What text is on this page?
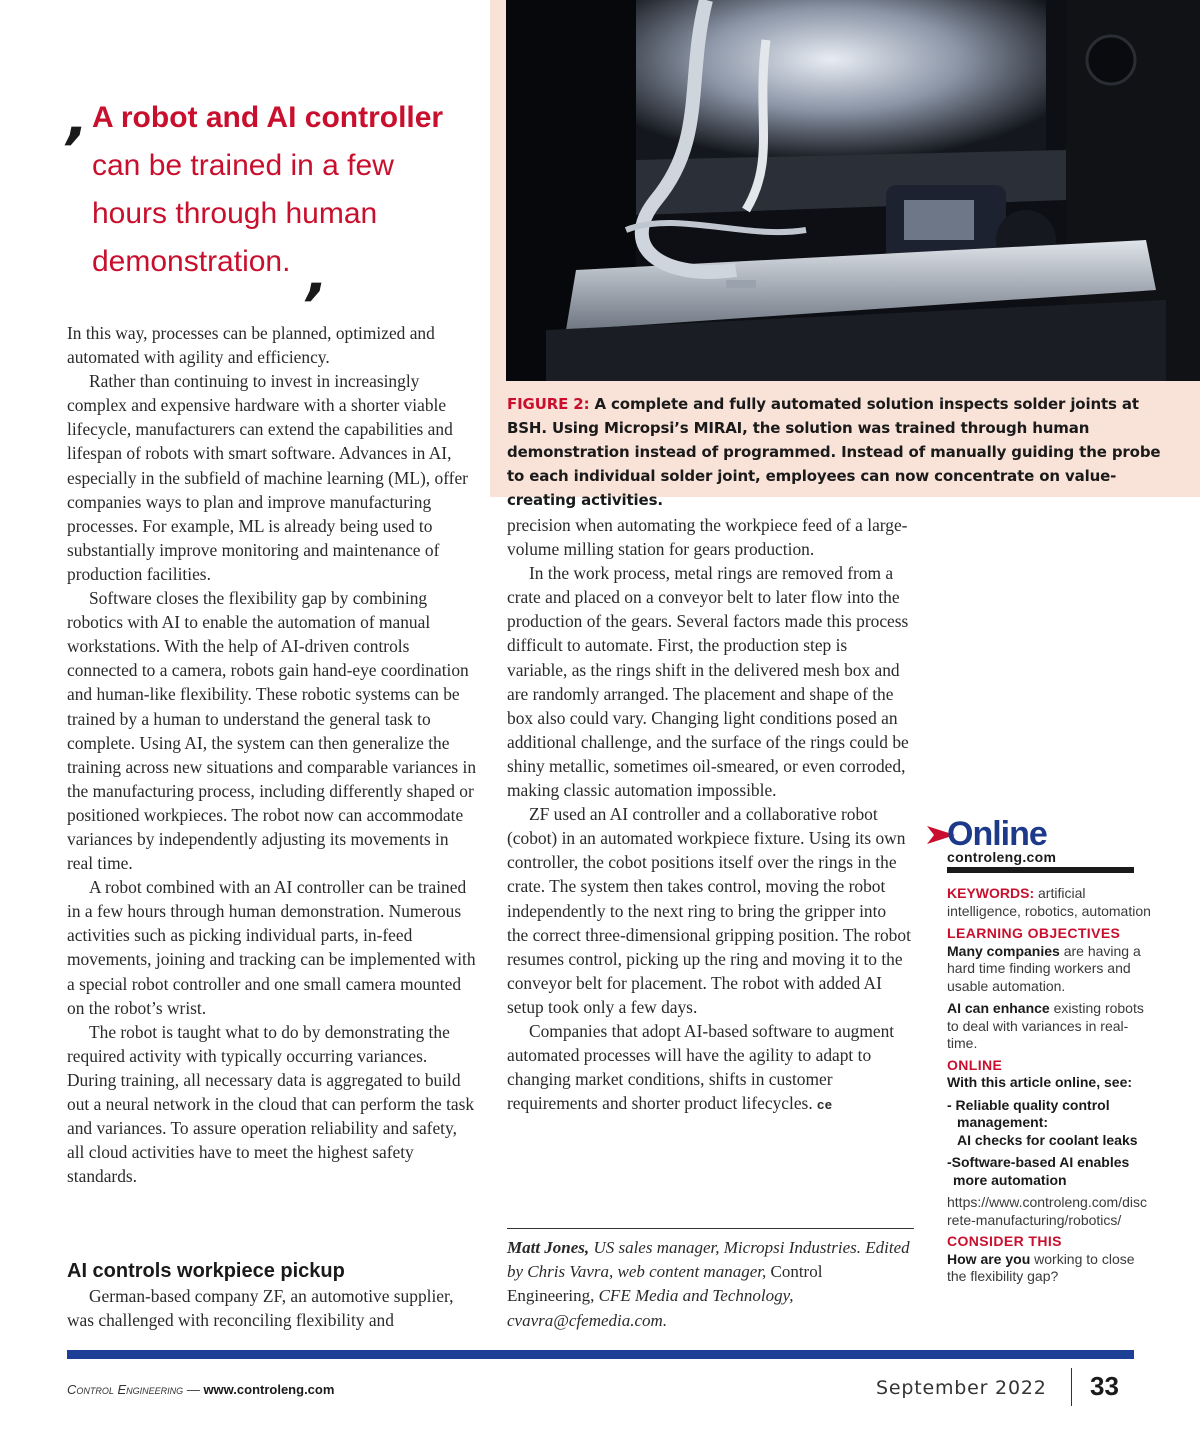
‚
A robot and AI controller can be trained in a few hours through human demonstration. ‚

In this way, processes can be planned, optimized and automated with agility and efficiency.

Rather than continuing to invest in increasingly complex and expensive hardware with a shorter viable lifecycle, manufacturers can extend the capabilities and lifespan of robots with smart software. Advances in AI, especially in the subfield of machine learning (ML), offer companies ways to plan and improve manufacturing processes. For example, ML is already being used to substantially improve monitoring and maintenance of production facilities.

Software closes the flexibility gap by combining robotics with AI to enable the automation of manual workstations. With the help of AI-driven controls connected to a camera, robots gain hand-eye coordination and human-like flexibility. These robotic systems can be trained by a human to understand the general task to complete. Using AI, the system can then generalize the training across new situations and comparable variances in the manufacturing process, including differently shaped or positioned workpieces. The robot now can accommodate variances by independently adjusting its movements in real time.

A robot combined with an AI controller can be trained in a few hours through human demonstration. Numerous activities such as picking individual parts, in-feed movements, joining and tracking can be implemented with a special robot controller and one small camera mounted on the robot’s wrist.

The robot is taught what to do by demonstrating the required activity with typically occurring variances. During training, all necessary data is aggregated to build out a neural network in the cloud that can perform the task and variances. To assure operation reliability and safety, all cloud activities have to meet the highest safety standards.

AI controls workpiece pickup

German-based company ZF, an automotive supplier, was challenged with reconciling flexibility and

FIGURE 2: A complete and fully automated solution inspects solder joints at BSH. Using Micropsi’s MIRAI, the solution was trained through human demonstration instead of programmed. Instead of manually guiding the probe to each individual solder joint, employees can now concentrate on value-creating activities.

precision when automating the workpiece feed of a large-volume milling station for gears production.

In the work process, metal rings are removed from a crate and placed on a conveyor belt to later flow into the production of the gears. Several factors made this process difficult to automate. First, the production step is variable, as the rings shift in the delivered mesh box and are randomly arranged. The placement and shape of the box also could vary. Changing light conditions posed an additional challenge, and the surface of the rings could be shiny metallic, sometimes oil-smeared, or even corroded, making classic automation impossible.

ZF used an AI controller and a collaborative robot (cobot) in an automated workpiece fixture. Using its own controller, the cobot positions itself over the rings in the crate. The system then takes control, moving the robot independently to the next ring to bring the gripper into the correct three-dimensional gripping position. The robot resumes control, picking up the ring and moving it to the conveyor belt for placement. The robot with added AI setup took only a few days.

Companies that adopt AI-based software to augment automated processes will have the agility to adapt to changing market conditions, shifts in customer requirements and shorter product lifecycles. ce

Matt Jones, US sales manager, Micropsi Industries. Edited by Chris Vavra, web content manager, Control Engineering, CFE Media and Technology, cvavra@cfemedia.com.
Online
controleng.com

KEYWORDS: artificial intelligence, robotics, automation

LEARNING OBJECTIVES

Many companies are having a hard time finding workers and usable automation.

AI can enhance existing robots to deal with variances in real-time.

ONLINE
With this article online, see:
- Reliable quality control
management:
AI checks for coolant leaks
-Software-based AI enables
more automation
https://www.controleng.com/discrete-manufacturing/robotics/
CONSIDER THIS

How are you working to close the flexibility gap?

Control Engineering — www.controleng.com	September 2022 33
